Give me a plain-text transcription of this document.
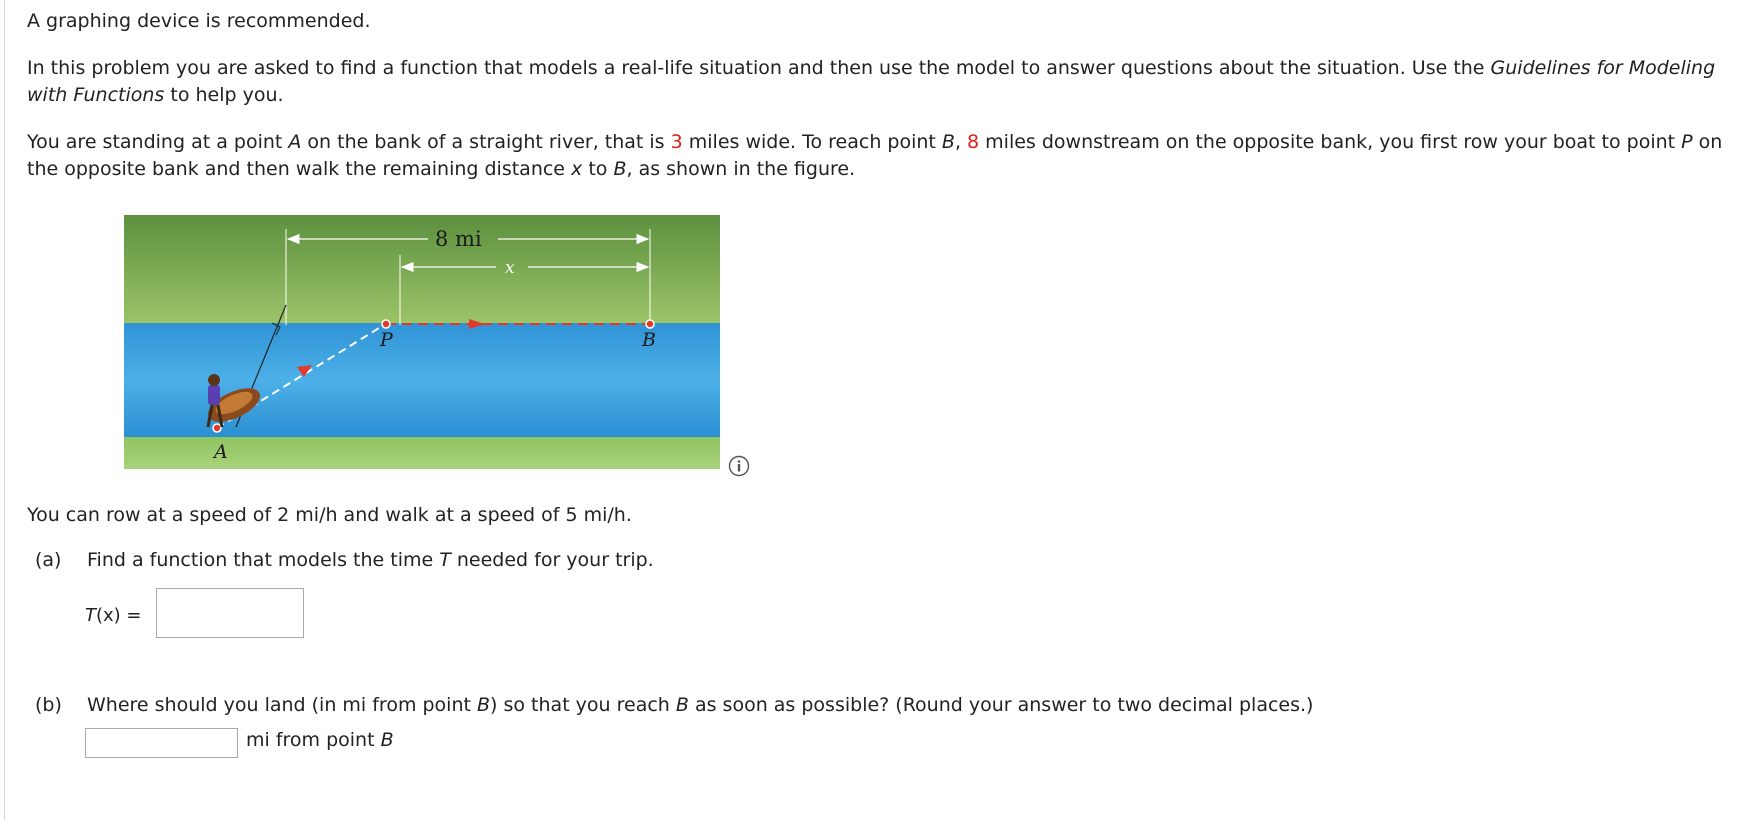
A graphing device is recommended.

In this problem you are asked to find a function that models a real-life situation and then use the model to answer questions about the situation. Use the Guidelines for Modeling with Functions to help you.

You are standing at a point A on the bank of a straight river, that is 3 miles wide. To reach point B, 8 miles downstream on the opposite bank, you first row your boat to point P on the opposite bank and then walk the remaining distance x to B, as shown in the figure.

8 mi
x
P	B
A

You can row at a speed of 2 mi/h and walk at a speed of 5 mi/h.

(a) Find a function that models the time T needed for your trip.

T(x) =

(b) Where should you land (in mi from point B) so that you reach B as soon as possible? (Round your answer to two decimal places.)

mi from point B
